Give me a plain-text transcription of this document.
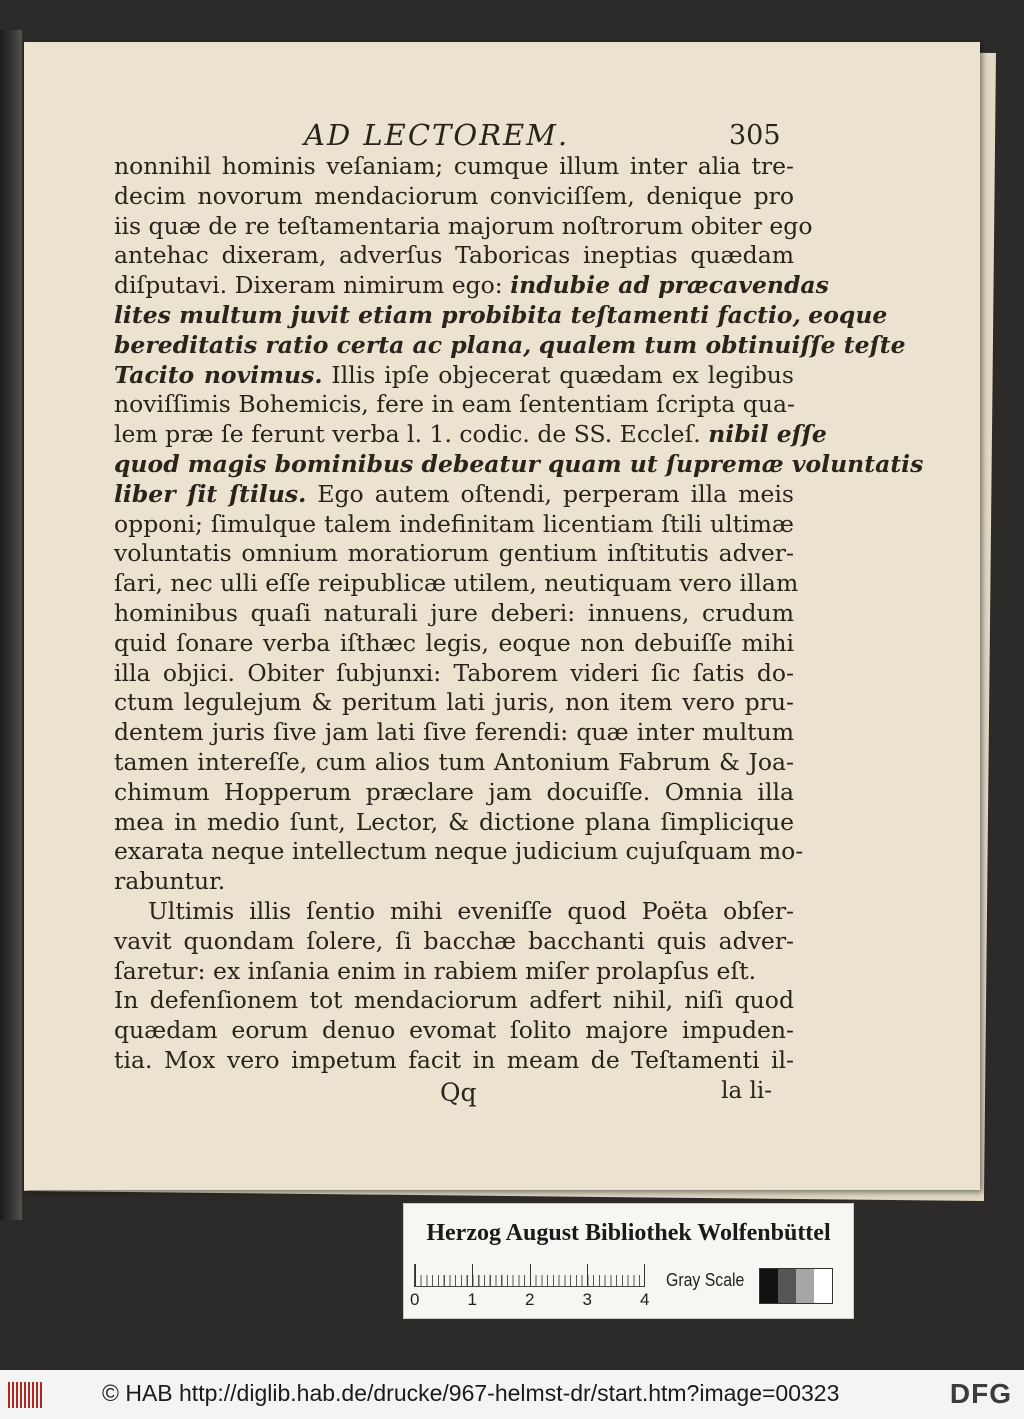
AD LECTOREM.	305
nonnihil hominis veſaniam; cumque illum inter alia tre-
decim novorum mendaciorum conviciſſem, denique pro
iis quæ de re teſtamentaria majorum noſtrorum obiter ego
antehac dixeram, adverſus Taboricas ineptias quædam
diſputavi. Dixeram nimirum ego: indubie ad præcavendas
lites multum juvit etiam probibita teſtamenti factio, eoque
bereditatis ratio certa ac plana, qualem tum obtinuiſſe teſte
Tacito novimus. Illis ipſe objecerat quædam ex legibus
noviſſimis Bohemicis, fere in eam ſententiam ſcripta qua-
lem præ ſe ferunt verba l. 1. codic. de SS. Eccleſ. nibil eſſe
quod magis bominibus debeatur quam ut ſupremæ voluntatis
liber ſit ſtilus. Ego autem oſtendi, perperam illa meis
opponi; ſimulque talem indefinitam licentiam ſtili ultimæ
voluntatis omnium moratiorum gentium inſtitutis adver-
ſari, nec ulli eſſe reipublicæ utilem, neutiquam vero illam
hominibus quaſi naturali jure deberi: innuens, crudum
quid ſonare verba iſthæc legis, eoque non debuiſſe mihi
illa objici. Obiter ſubjunxi: Taborem videri ſic ſatis do-
ctum legulejum & peritum lati juris, non item vero pru-
dentem juris ſive jam lati ſive ferendi: quæ inter multum
tamen intereſſe, cum alios tum Antonium Fabrum & Joa-
chimum Hopperum præclare jam docuiſſe. Omnia illa
mea in medio ſunt, Lector, & dictione plana ſimplicique
exarata neque intellectum neque judicium cujuſquam mo-
rabuntur.
Ultimis illis ſentio mihi eveniſſe quod Poëta obſer-
vavit quondam ſolere, ſi bacchæ bacchanti quis adver-
ſaretur: ex inſania enim in rabiem miſer prolapſus eſt.
In defenſionem tot mendaciorum adfert nihil, niſi quod
quædam eorum denuo evomat ſolito majore impuden-
tia. Mox vero impetum facit in meam de Teſtamenti il-
Qq	la li-
Herzog August Bibliothek Wolfenbüttel
0	1	2	3	4
Gray Scale
© HAB http://diglib.hab.de/drucke/967-helmst-dr/start.htm?image=00323	DFG
